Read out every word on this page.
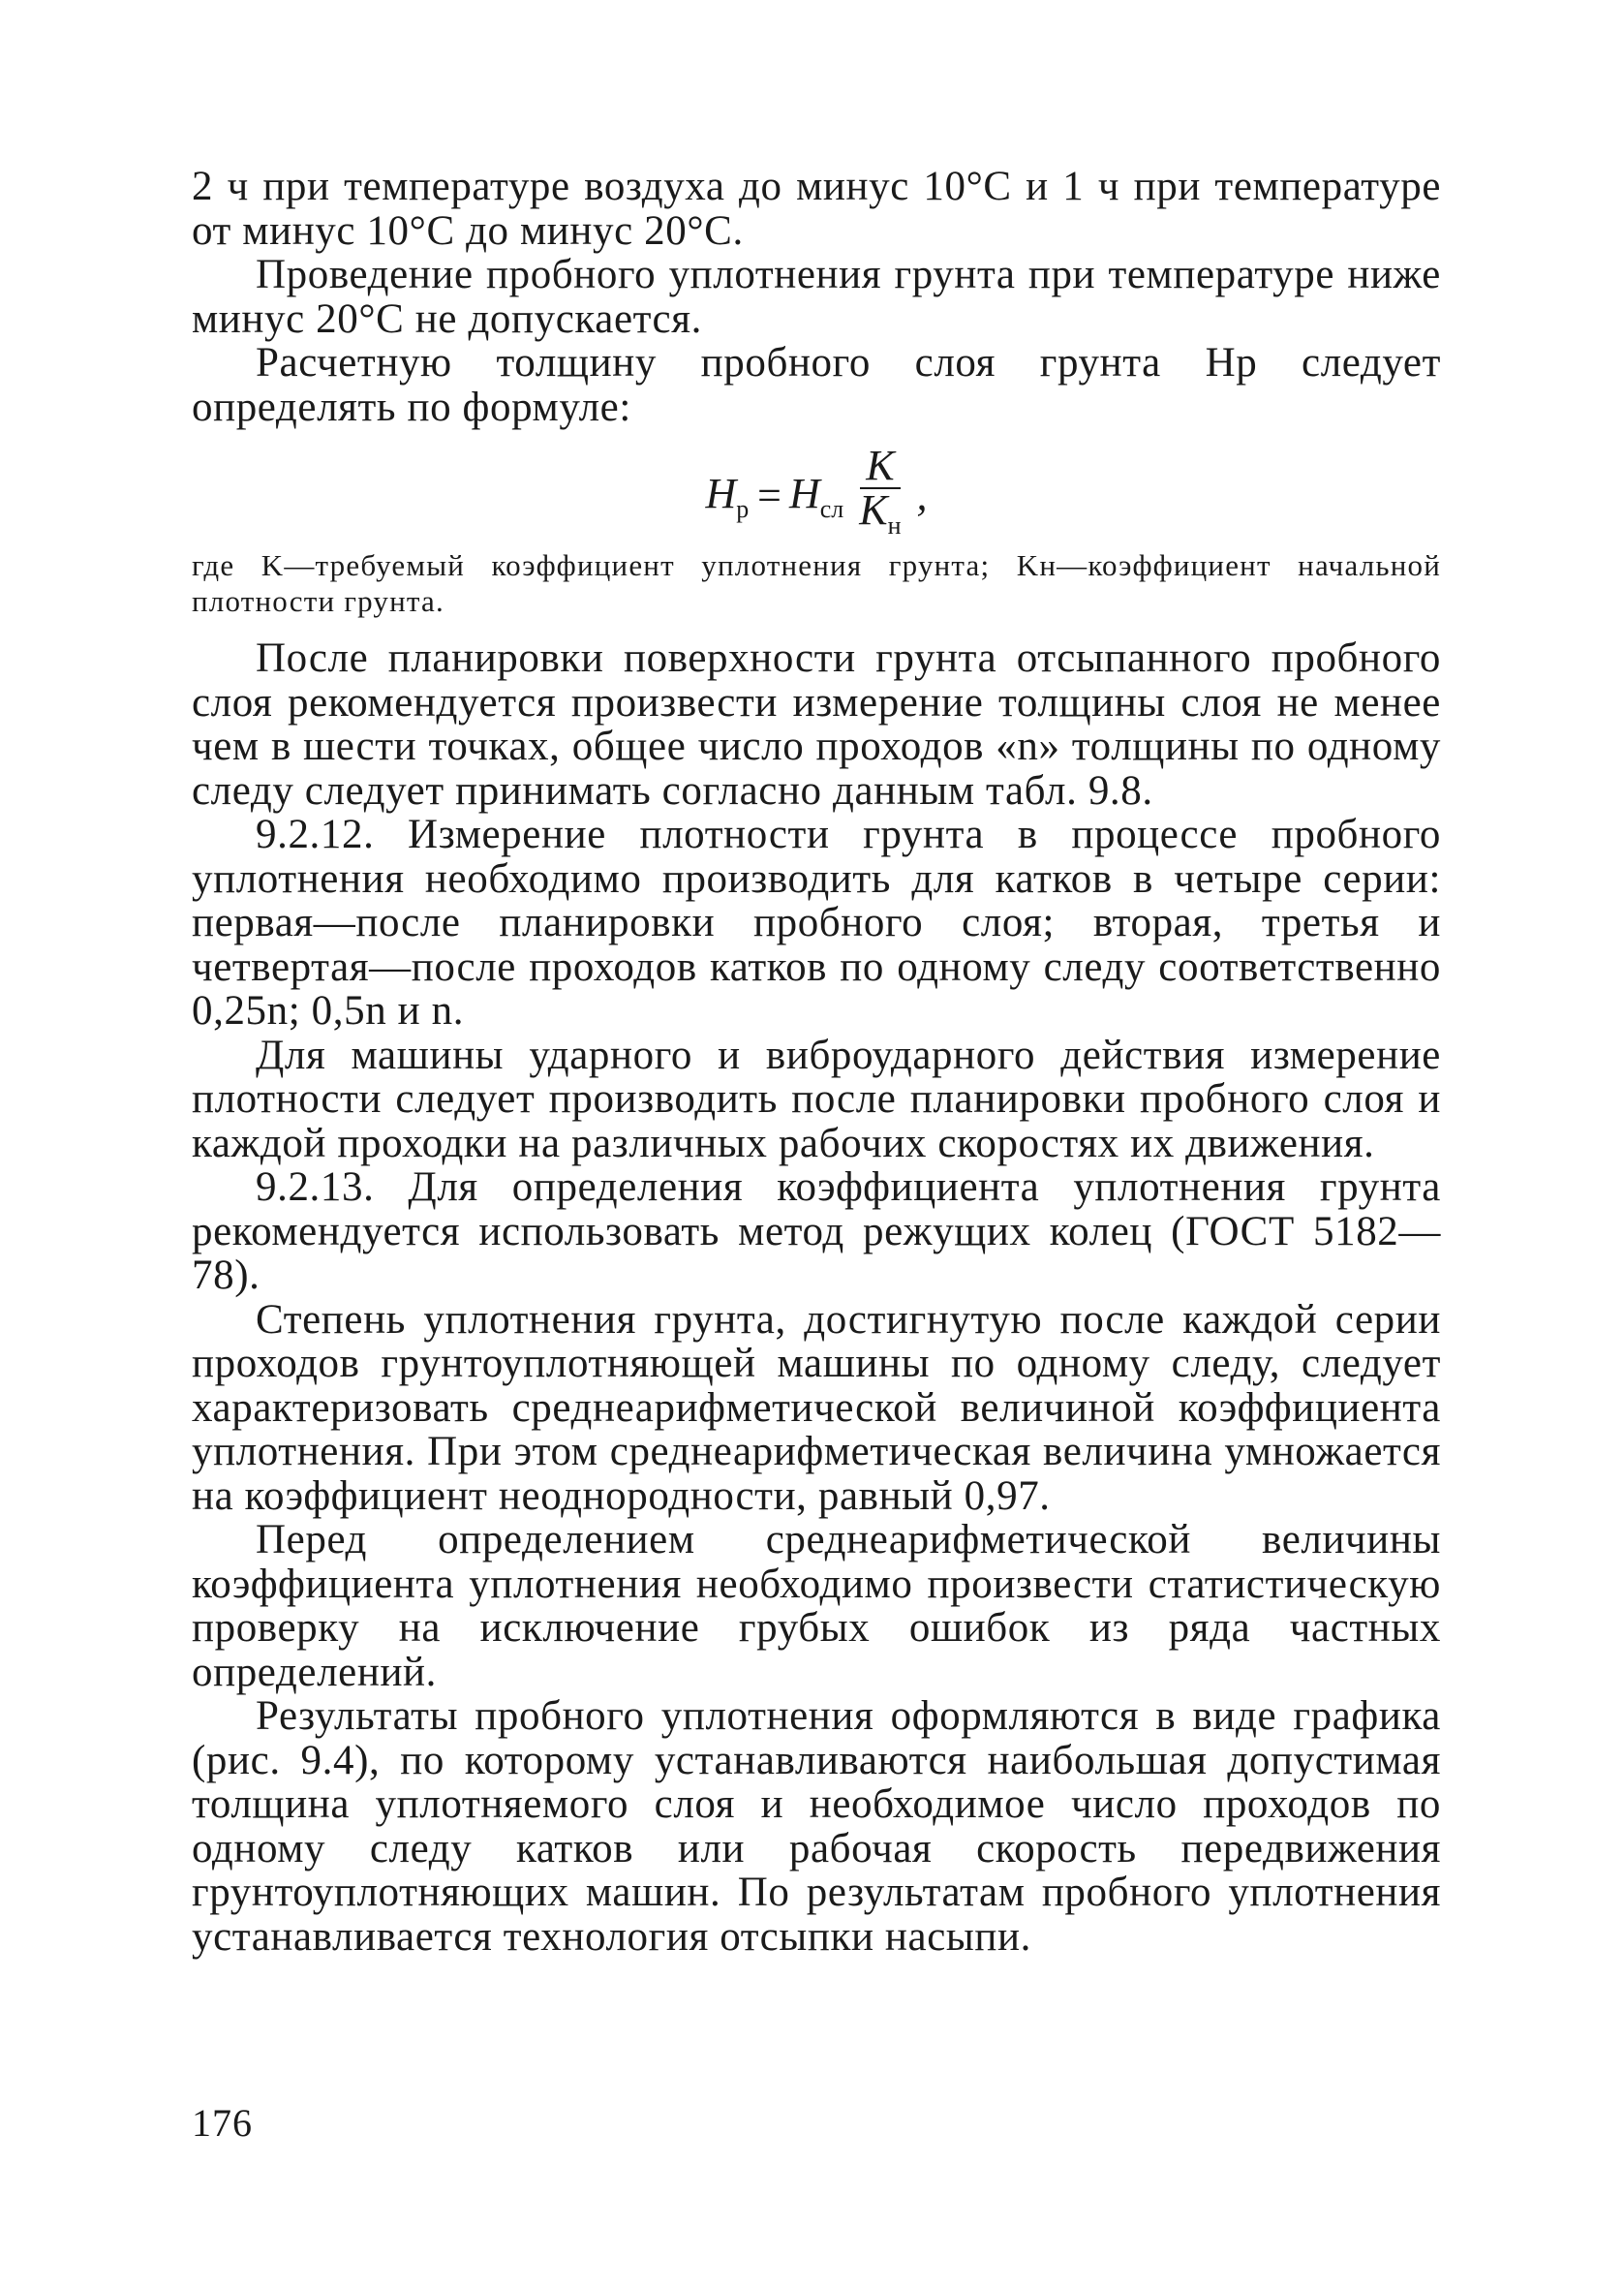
2 ч при температуре воздуха до минус 10°C и 1 ч при температуре от минус 10°C до минус 20°C.

Проведение пробного уплотнения грунта при температуре ниже минус 20°C не допускается.

Расчетную толщину пробного слоя грунта Hр следует определять по формуле:

$H_р = H_{сл} \frac{K}{K_н}$ ,

где K—требуемый коэффициент уплотнения грунта; Kн—коэффициент начальной плотности грунта.

После планировки поверхности грунта отсыпанного пробного слоя рекомендуется произвести измерение толщины слоя не менее чем в шести точках, общее число проходов «n» толщины по одному следу следует принимать согласно данным табл. 9.8.

9.2.12. Измерение плотности грунта в процессе пробного уплотнения необходимо производить для катков в четыре серии: первая—после планировки пробного слоя; вторая, третья и четвертая—после проходов катков по одному следу соответственно 0,25n; 0,5n и n.

Для машины ударного и виброударного действия измерение плотности следует производить после планировки пробного слоя и каждой проходки на различных рабочих скоростях их движения.

9.2.13. Для определения коэффициента уплотнения грунта рекомендуется использовать метод режущих колец (ГОСТ 5182—78).

Степень уплотнения грунта, достигнутую после каждой серии проходов грунтоуплотняющей машины по одному следу, следует характеризовать среднеарифметической величиной коэффициента уплотнения. При этом среднеарифметическая величина умножается на коэффициент неоднородности, равный 0,97.

Перед определением среднеарифметической величины коэффициента уплотнения необходимо произвести статистическую проверку на исключение грубых ошибок из ряда частных определений.

Результаты пробного уплотнения оформляются в виде графика (рис. 9.4), по которому устанавливаются наибольшая допустимая толщина уплотняемого слоя и необходимое число проходов по одному следу катков или рабочая скорость передвижения грунтоуплотняющих машин. По результатам пробного уплотнения устанавливается технология отсыпки насыпи.

176
